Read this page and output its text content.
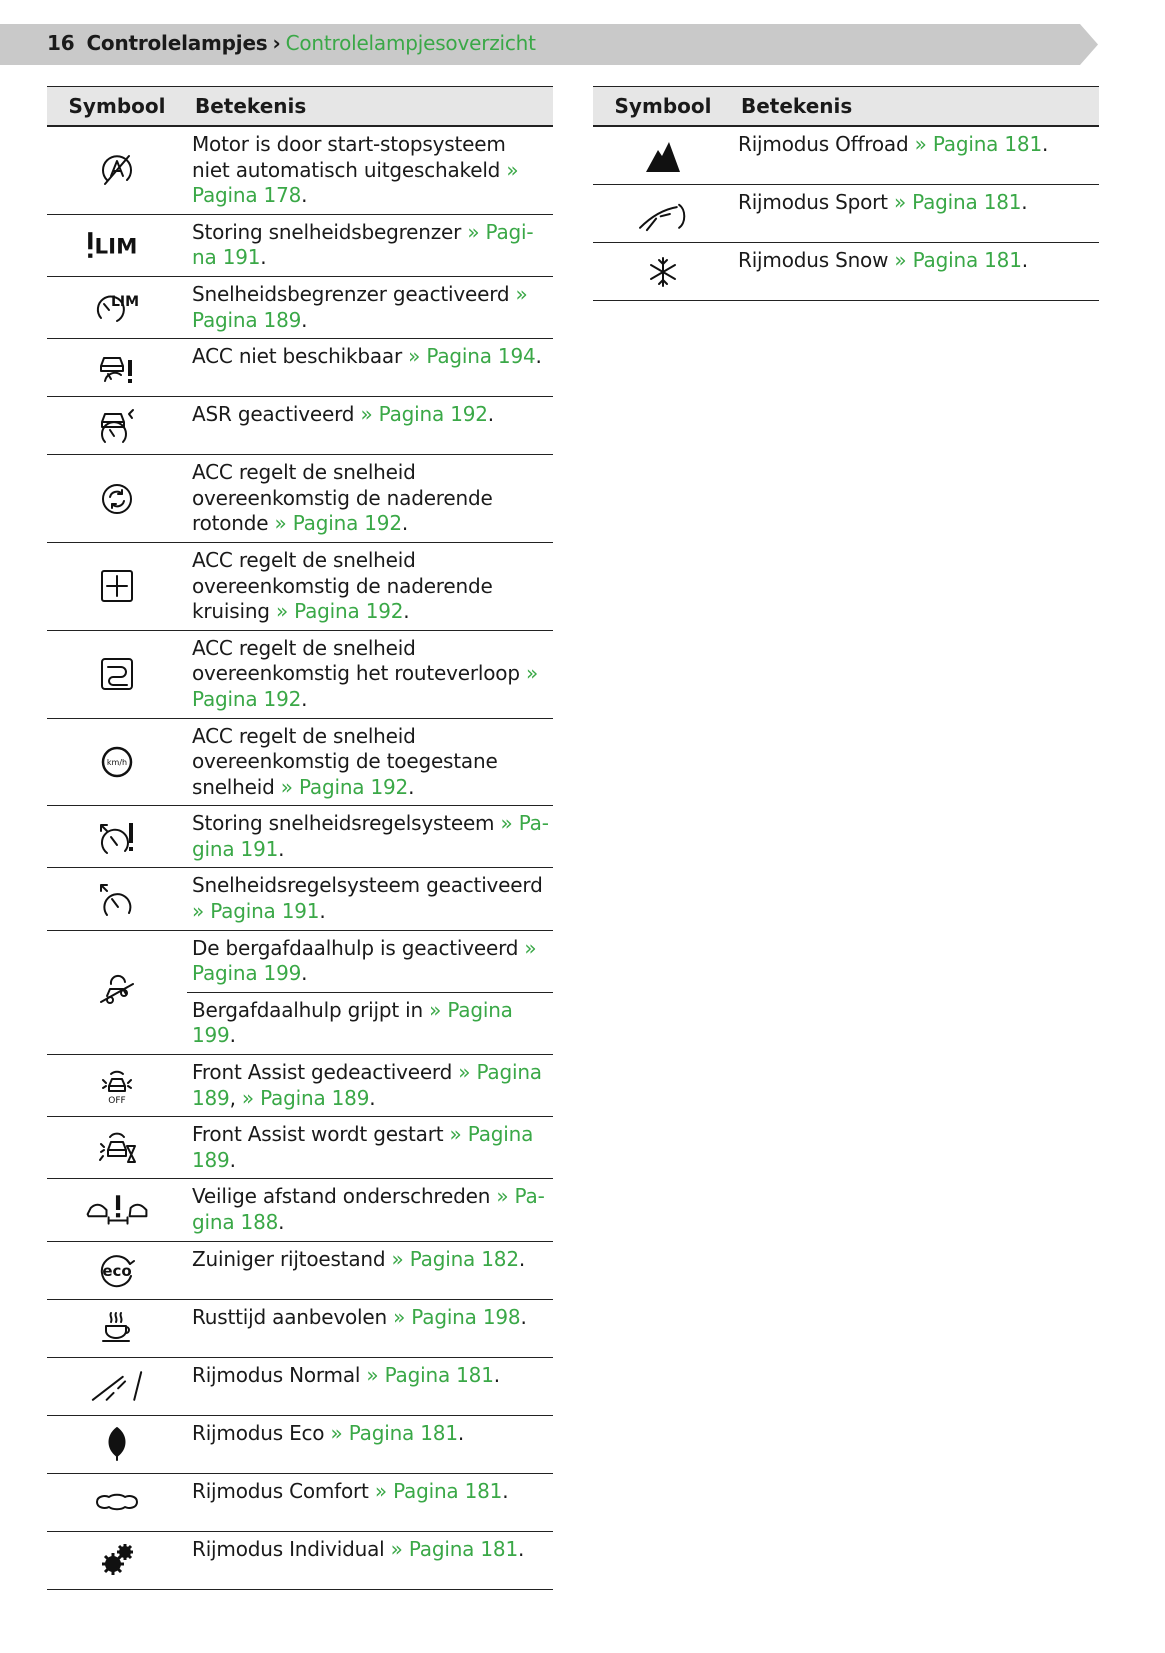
16 Controlelampjes › Controlelampjesoverzicht
Symbool	Betekenis
	Motor is door start-stopsysteem niet automatisch uitgeschakeld » Pagina 178.

LIM	Storing snelheidsbegrenzer » Pagina 191.

LIM	Snelheidsbegrenzer geactiveerd » Pagina 189.
	ACC niet beschikbaar » Pagina 194.
	ASR geactiveerd » Pagina 192.
	ACC regelt de snelheid overeenkomstig de naderende rotonde » Pagina 192.
	ACC regelt de snelheid overeenkomstig de naderende kruising » Pagina 192.
	ACC regelt de snelheid overeenkomstig het routeverloop » Pagina 192.

km/h	ACC regelt de snelheid overeenkomstig de toegestane snelheid » Pagina 192.
	Storing snelheidsregelsysteem » Pagina 191.
	Snelheidsregelsysteem geactiveerd » Pagina 191.
	De bergafdaalhulp is geactiveerd » Pagina 199.
	Bergafdaalhulp grijpt in » Pagina 199.

OFF	Front Assist gedeactiveerd » Pagina 189, » Pagina 189.
	Front Assist wordt gestart » Pagina 189.
	Veilige afstand onderschreden » Pagina 188.

eco	Zuiniger rijtoestand » Pagina 182.
	Rusttijd aanbevolen » Pagina 198.
	Rijmodus Normal » Pagina 181.
	Rijmodus Eco » Pagina 181.
	Rijmodus Comfort » Pagina 181.
	Rijmodus Individual » Pagina 181.
Symbool	Betekenis
	Rijmodus Offroad » Pagina 181.
	Rijmodus Sport » Pagina 181.
	Rijmodus Snow » Pagina 181.
